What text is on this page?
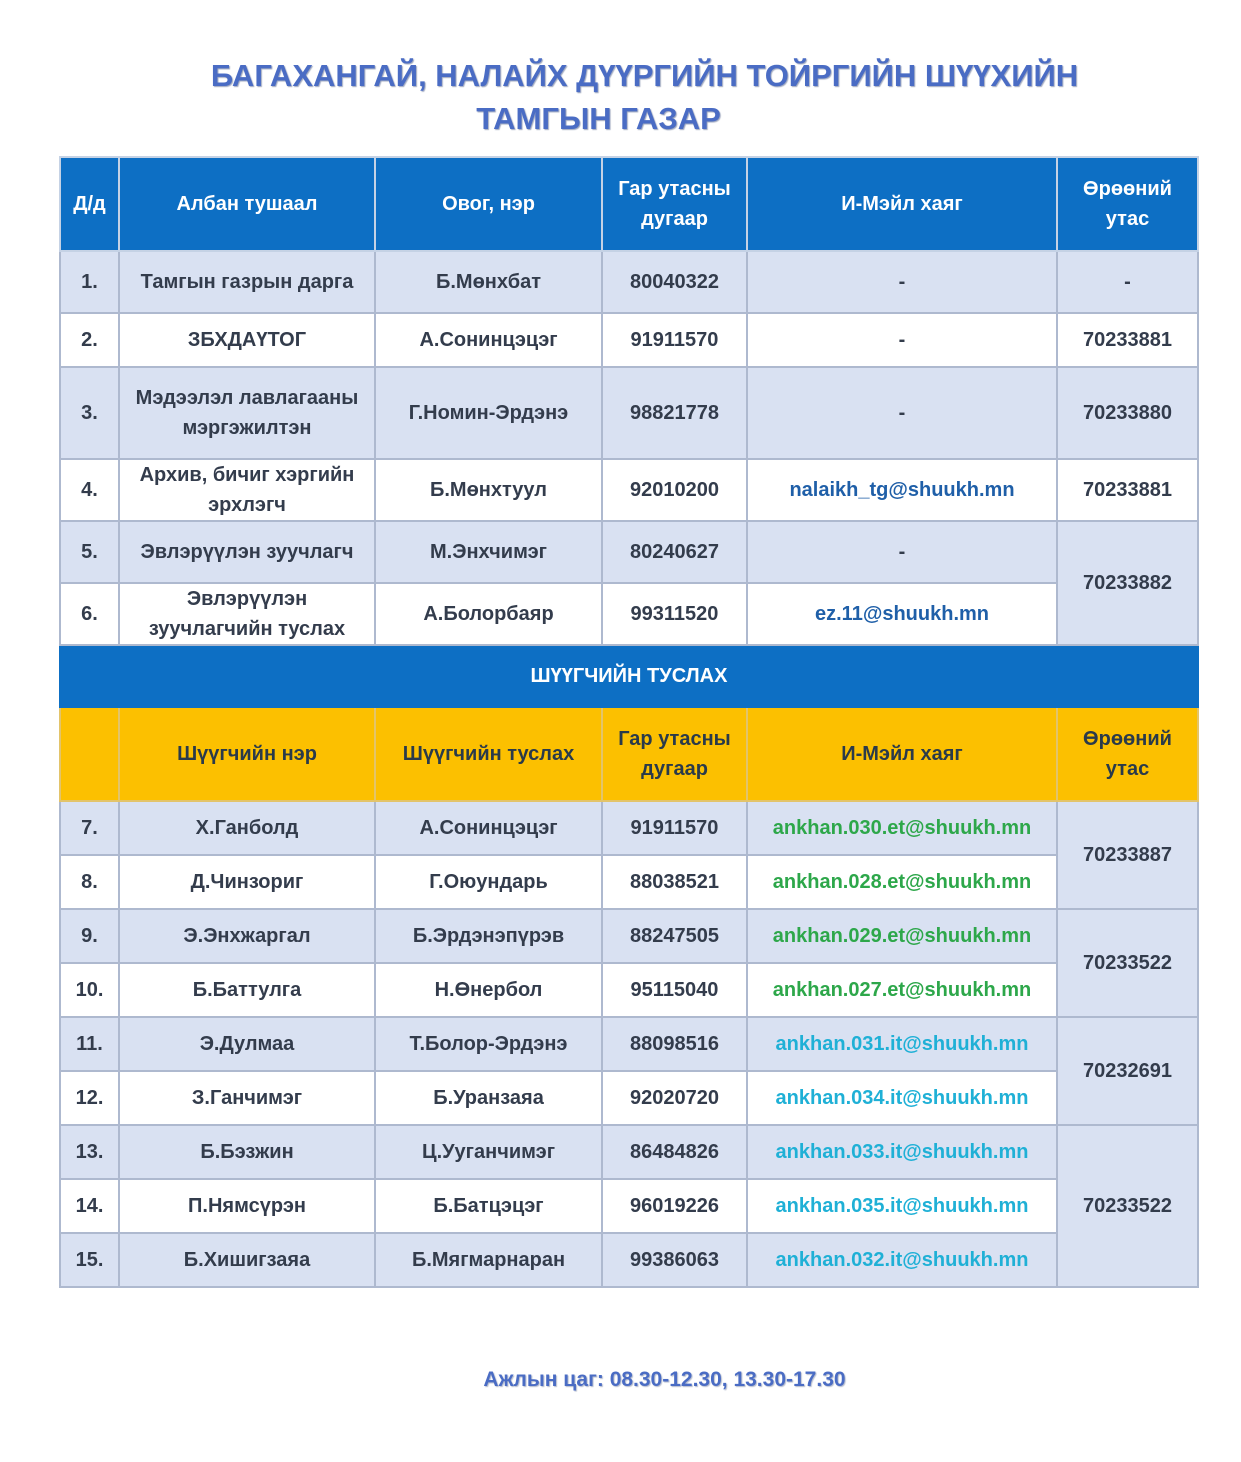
БАГАХАНГАЙ, НАЛАЙХ ДҮҮРГИЙН ТОЙРГИЙН ШҮҮХИЙН
ТАМГЫН ГАЗАР
Д/д	Албан тушаал	Овог, нэр	Гар утасны дугаар	И-Мэйл хаяг	Өрөөний утас
1.	Тамгын газрын дарга	Б.Мөнхбат	80040322	-	-
2.	ЗБХДАҮТОГ	А.Сонинцэцэг	91911570	-	70233881
3.	Мэдээлэл лавлагааны мэргэжилтэн	Г.Номин-Эрдэнэ	98821778	-	70233880
4.	Архив, бичиг хэргийн эрхлэгч	Б.Мөнхтуул	92010200	nalaikh_tg@shuukh.mn	70233881
5.	Эвлэрүүлэн зуучлагч	М.Энхчимэг	80240627	-	70233882
6.	Эвлэрүүлэн зуучлагчийн туслах	А.Болорбаяр	99311520	ez.11@shuukh.mn	
ШҮҮГЧИЙН ТУСЛАХ					
	Шүүгчийн нэр	Шүүгчийн туслах	Гар утасны дугаар	И-Мэйл хаяг	Өрөөний утас
7.	Х.Ганболд	А.Сонинцэцэг	91911570	ankhan.030.et@shuukh.mn	70233887
8.	Д.Чинзориг	Г.Оюундарь	88038521	ankhan.028.et@shuukh.mn	
9.	Э.Энхжаргал	Б.Эрдэнэпүрэв	88247505	ankhan.029.et@shuukh.mn	70233522
10.	Б.Баттулга	Н.Өнербол	95115040	ankhan.027.et@shuukh.mn	
11.	Э.Дулмаа	Т.Болор-Эрдэнэ	88098516	ankhan.031.it@shuukh.mn	70232691
12.	З.Ганчимэг	Б.Уранзаяа	92020720	ankhan.034.it@shuukh.mn	
13.	Б.Бэзжин	Ц.Ууганчимэг	86484826	ankhan.033.it@shuukh.mn	70233522
14.	П.Нямсүрэн	Б.Батцэцэг	96019226	ankhan.035.it@shuukh.mn	
15.	Б.Хишигзаяа	Б.Мягмарнаран	99386063	ankhan.032.it@shuukh.mn	
Ажлын цаг: 08.30-12.30, 13.30-17.30
